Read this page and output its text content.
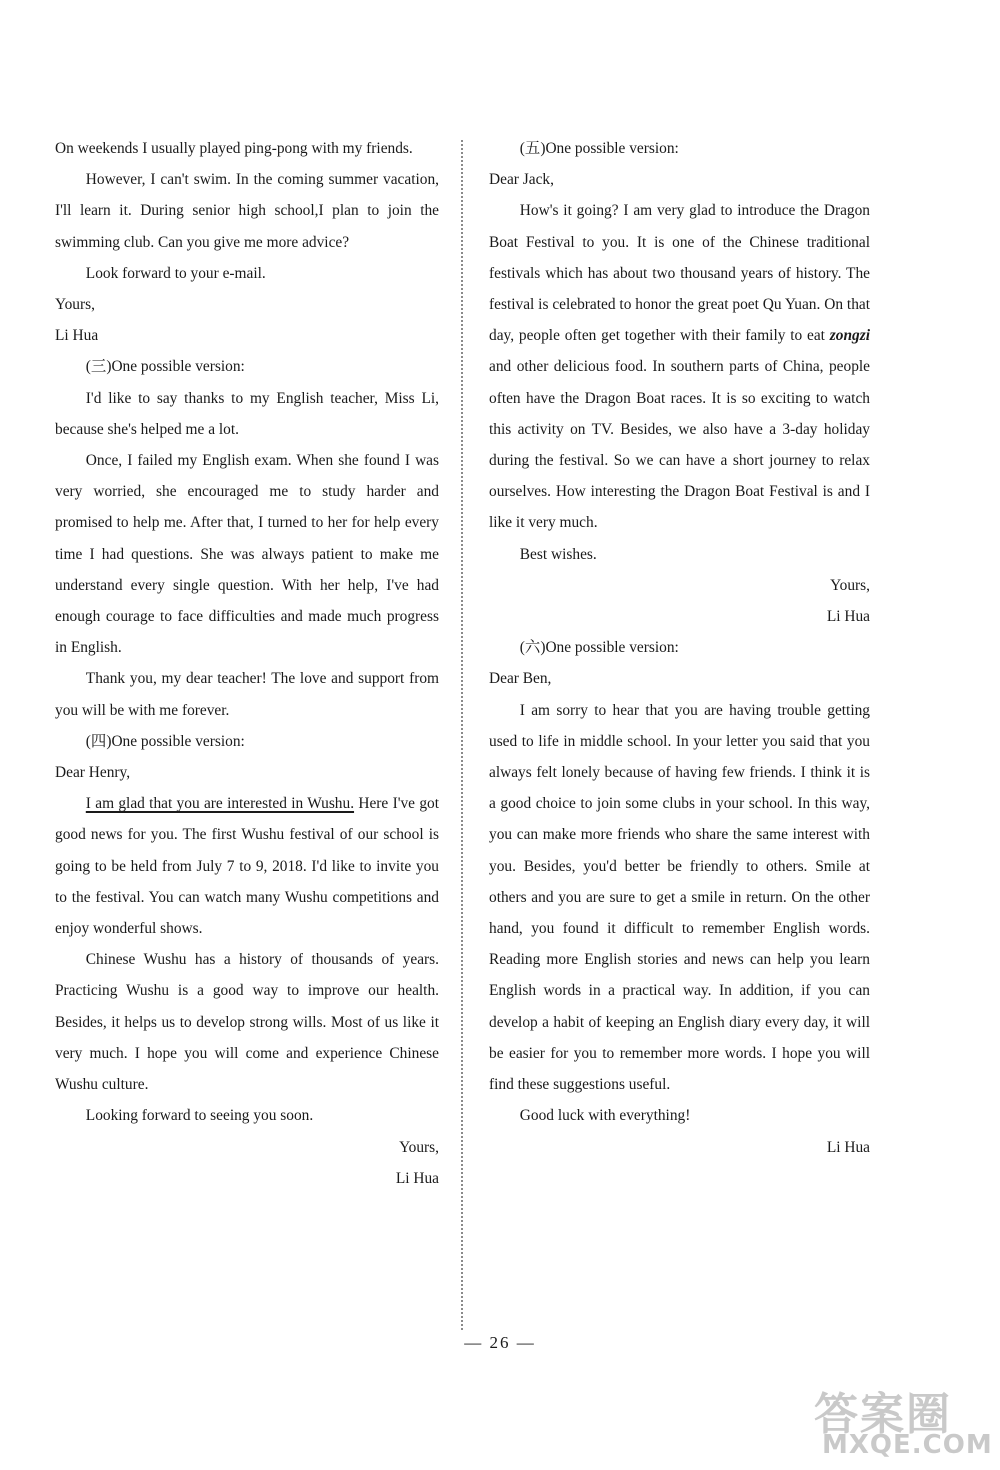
On weekends I usually played ping-pong with my friends.

However, I can't swim. In the coming summer vacation, I'll learn it. During senior high school,I plan to join the swimming club. Can you give me more advice?

Look forward to your e-mail.

Yours,

Li Hua

(三)One possible version:

I'd like to say thanks to my English teacher, Miss Li, because she's helped me a lot.

Once, I failed my English exam. When she found I was very worried, she encouraged me to study harder and promised to help me. After that, I turned to her for help every time I had questions. She was always patient to make me understand every single question. With her help, I've had enough courage to face difficulties and made much progress in English.

Thank you, my dear teacher! The love and support from you will be with me forever.

(四)One possible version:

Dear Henry,

I am glad that you are interested in Wushu. Here I've got good news for you. The first Wushu festival of our school is going to be held from July 7 to 9, 2018. I'd like to invite you to the festival. You can watch many Wushu competitions and enjoy wonderful shows.

Chinese Wushu has a history of thousands of years. Practicing Wushu is a good way to improve our health. Besides, it helps us to develop strong wills. Most of us like it very much. I hope you will come and experience Chinese Wushu culture.

Looking forward to seeing you soon.

Yours,

Li Hua

(五)One possible version:

Dear Jack,

How's it going? I am very glad to introduce the Dragon Boat Festival to you. It is one of the Chinese traditional festivals which has about two thousand years of history. The festival is celebrated to honor the great poet Qu Yuan. On that day, people often get together with their family to eat zongzi and other delicious food. In southern parts of China, people often have the Dragon Boat races. It is so exciting to watch this activity on TV. Besides, we also have a 3-day holiday during the festival. So we can have a short journey to relax ourselves. How interesting the Dragon Boat Festival is and I like it very much.

Best wishes.

Yours,

Li Hua

(六)One possible version:

Dear Ben,

I am sorry to hear that you are having trouble getting used to life in middle school. In your letter you said that you always felt lonely because of having few friends. I think it is a good choice to join some clubs in your school. In this way, you can make more friends who share the same interest with you. Besides, you'd better be friendly to others. Smile at others and you are sure to get a smile in return. On the other hand, you found it difficult to remember English words. Reading more English stories and news can help you learn English words in a practical way. In addition, if you can develop a habit of keeping an English diary every day, it will be easier for you to remember more words. I hope you will find these suggestions useful.

Good luck with everything!

Li Hua

— 26 —
答案圈
MXQE.COM
